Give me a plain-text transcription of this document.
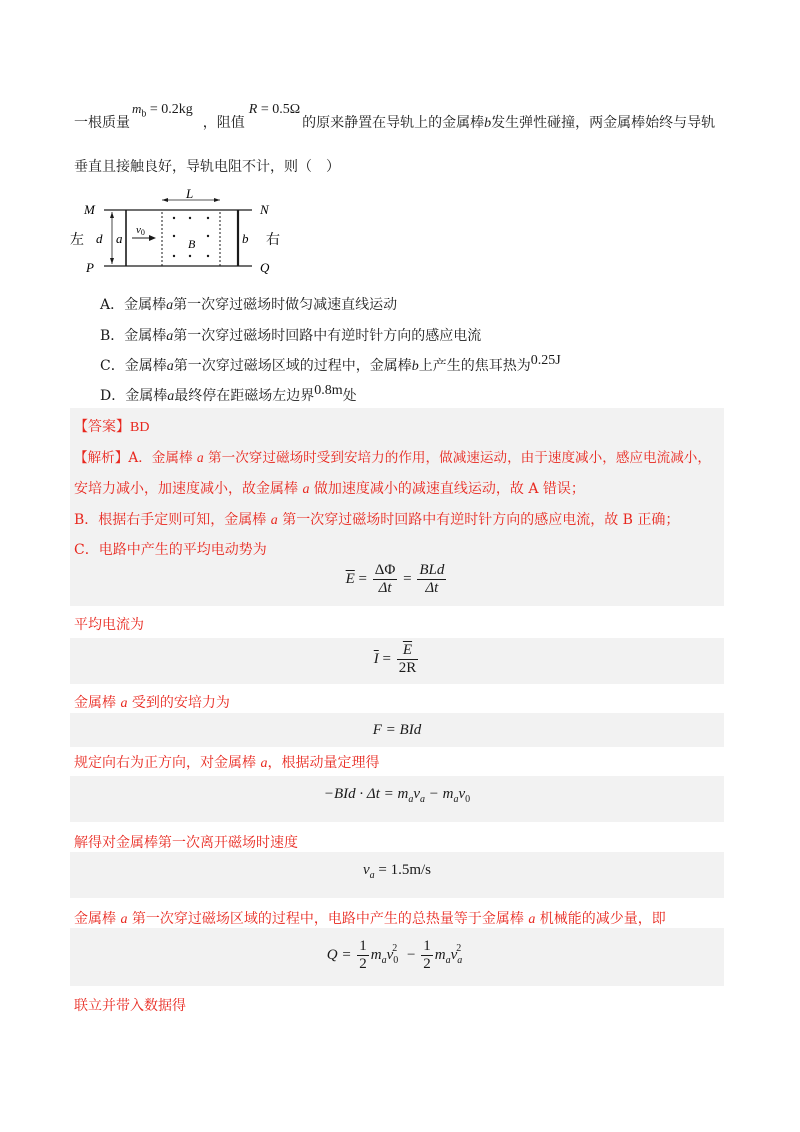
一根质量$m_b = 0.2kg$，阻值R = 0.5Ω的原来静置在导轨上的金属棒b发生弹性碰撞，两金属棒始终与导轨
垂直且接触良好，导轨电阻不计，则（　）
M	N
P	Q
L
d a	b
B
v0
左	右
A．金属棒a第一次穿过磁场时做匀减速直线运动
B．金属棒a第一次穿过磁场时回路中有逆时针方向的感应电流
C．金属棒a第一次穿过磁场区域的过程中，金属棒b上产生的焦耳热为0.25J
D．金属棒a最终停在距磁场左边界0.8m处
【答案】BD
【解析】A．金属棒 a 第一次穿过磁场时受到安培力的作用，做减速运动，由于速度减小，感应电流减小，
安培力减小，加速度减小，故金属棒 a 做加速度减小的减速直线运动，故 A 错误；
B．根据右手定则可知，金属棒 a 第一次穿过磁场时回路中有逆时针方向的感应电流，故 B 正确；
C．电路中产生的平均电动势为
$\overline{E} = \frac{\Delta\Phi}{\Delta t} = \frac{\text{BLd}}{\Delta t}$
平均电流为
$\overline{I} = \frac{\overline{E}}{2R}$
金属棒 a 受到的安培力为
F = BId
规定向右为正方向，对金属棒 a，根据动量定理得
$-BId \cdot \Delta t = m_av_a - m_av_0$
解得对金属棒第一次离开磁场时速度
$v_a = 1.5m/s$
金属棒 a 第一次穿过磁场区域的过程中，电路中产生的总热量等于金属棒 a 机械能的减少量，即
$Q = \frac{1}{2} m_av_0^2 - \frac{1}{2} m_av_a^2$
联立并带入数据得
